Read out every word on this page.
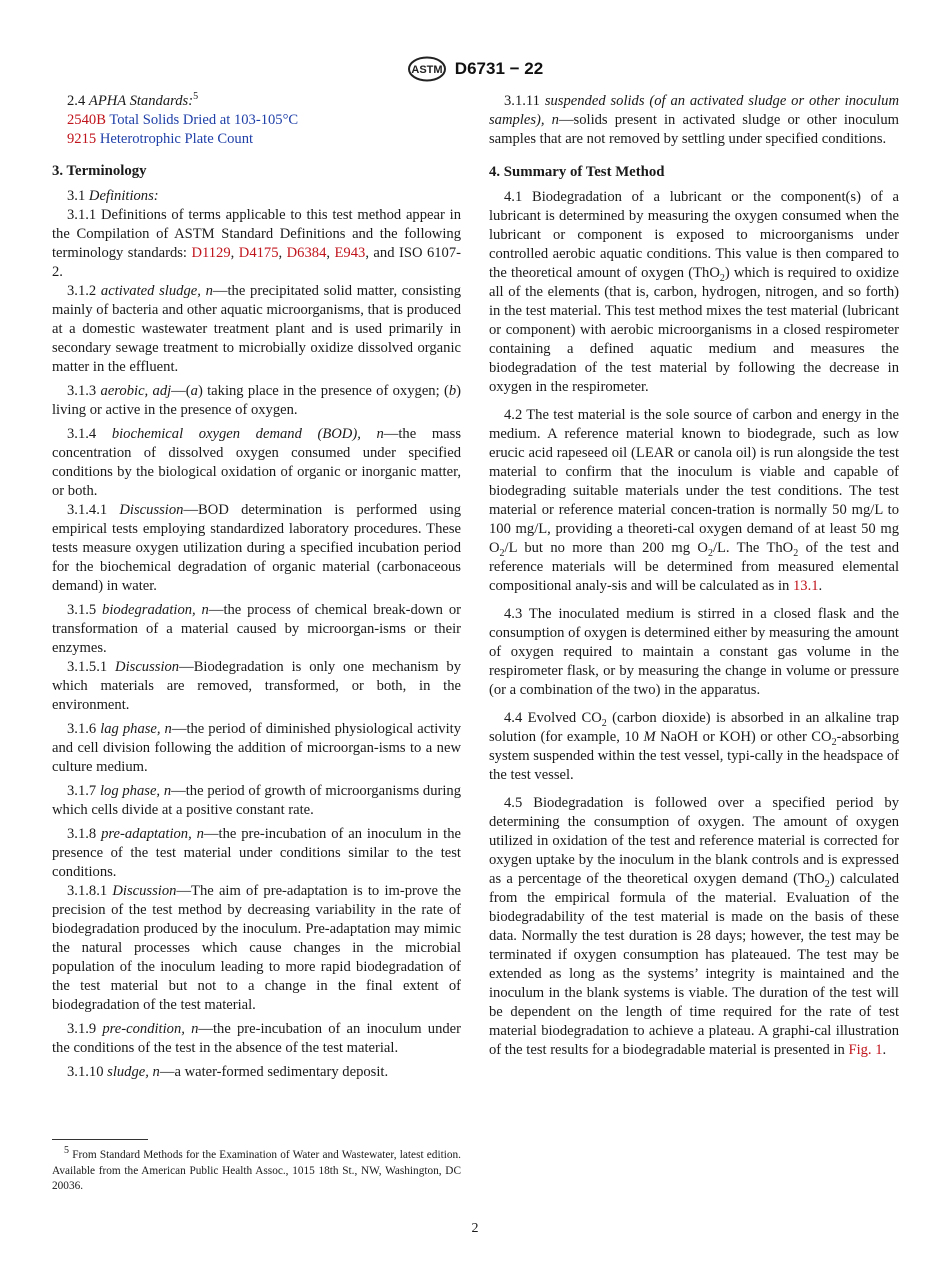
ASTM D6731 − 22

2.4 APHA Standards:$^5$

2540B Total Solids Dried at 103-105°C

9215 Heterotrophic Plate Count

3. Terminology

3.1 Definitions:

3.1.1 Definitions of terms applicable to this test method appear in the Compilation of ASTM Standard Definitions and the following terminology standards: D1129, D4175, D6384, E943, and ISO 6107-2.

3.1.2 activated sludge, n—the precipitated solid matter, consisting mainly of bacteria and other aquatic microorganisms, that is produced at a domestic wastewater treatment plant and is used primarily in secondary sewage treatment to microbially oxidize dissolved organic matter in the effluent.

3.1.3 aerobic, adj—(a) taking place in the presence of oxygen; (b) living or active in the presence of oxygen.

3.1.4 biochemical oxygen demand (BOD), n—the mass concentration of dissolved oxygen consumed under specified conditions by the biological oxidation of organic or inorganic matter, or both.

3.1.4.1 Discussion—BOD determination is performed using empirical tests employing standardized laboratory procedures. These tests measure oxygen utilization during a specified incubation period for the biochemical degradation of organic material (carbonaceous demand) in water.

3.1.5 biodegradation, n—the process of chemical break-down or transformation of a material caused by microorgan-isms or their enzymes.

3.1.5.1 Discussion—Biodegradation is only one mechanism by which materials are removed, transformed, or both, in the environment.

3.1.6 lag phase, n—the period of diminished physiological activity and cell division following the addition of microorgan-isms to a new culture medium.

3.1.7 log phase, n—the period of growth of microorganisms during which cells divide at a positive constant rate.

3.1.8 pre-adaptation, n—the pre-incubation of an inoculum in the presence of the test material under conditions similar to the test conditions.

3.1.8.1 Discussion—The aim of pre-adaptation is to im-prove the precision of the test method by decreasing variability in the rate of biodegradation produced by the inoculum. Pre-adaptation may mimic the natural processes which cause changes in the microbial population of the inoculum leading to more rapid biodegradation of the test material but not to a change in the final extent of biodegradation of the test material.

3.1.9 pre-condition, n—the pre-incubation of an inoculum under the conditions of the test in the absence of the test material.

3.1.10 sludge, n—a water-formed sedimentary deposit.

3.1.11 suspended solids (of an activated sludge or other inoculum samples), n—solids present in activated sludge or other inoculum samples that are not removed by settling under specified conditions.

4. Summary of Test Method

4.1 Biodegradation of a lubricant or the component(s) of a lubricant is determined by measuring the oxygen consumed when the lubricant or component is exposed to microorganisms under controlled aerobic aquatic conditions. This value is then compared to the theoretical amount of oxygen (ThO$_2$) which is required to oxidize all of the elements (that is, carbon, hydrogen, nitrogen, and so forth) in the test material. This test method mixes the test material (lubricant or component) with aerobic microorganisms in a closed respirometer containing a defined aquatic medium and measures the biodegradation of the test material by following the decrease in oxygen in the respirometer.

4.2 The test material is the sole source of carbon and energy in the medium. A reference material known to biodegrade, such as low erucic acid rapeseed oil (LEAR or canola oil) is run alongside the test material to confirm that the inoculum is viable and capable of biodegrading suitable materials under the test conditions. The test material or reference material concen-tration is normally 50 mg/L to 100 mg/L, providing a theoreti-cal oxygen demand of at least 50 mg $O_2/L$ but no more than 200 mg $O_2/L$. The ThO$_2$ of the test and reference materials will be determined from measured elemental compositional analy-sis and will be calculated as in 13.1.

4.3 The inoculated medium is stirred in a closed flask and the consumption of oxygen is determined either by measuring the amount of oxygen required to maintain a constant gas volume in the respirometer flask, or by measuring the change in volume or pressure (or a combination of the two) in the apparatus.

4.4 Evolved $CO_2$ (carbon dioxide) is absorbed in an alkaline trap solution (for example, 10 M NaOH or KOH) or other $CO_2$-absorbing system suspended within the test vessel, typi-cally in the headspace of the test vessel.

4.5 Biodegradation is followed over a specified period by determining the consumption of oxygen. The amount of oxygen utilized in oxidation of the test and reference material is corrected for oxygen uptake by the inoculum in the blank controls and is expressed as a percentage of the theoretical oxygen demand (ThO$_2$) calculated from the empirical formula of the material. Evaluation of the biodegradability of the test material is made on the basis of these data. Normally the test duration is 28 days; however, the test may be terminated if oxygen consumption has plateaued. The test may be extended as long as the systems’ integrity is maintained and the inoculum in the blank systems is viable. The duration of the test will be dependent on the length of time required for the rate of test material biodegradation to achieve a plateau. A graphi-cal illustration of the test results for a biodegradable material is presented in Fig. 1.

$^5$ From Standard Methods for the Examination of Water and Wastewater, latest edition. Available from the American Public Health Assoc., 1015 18th St., NW, Washington, DC 20036.

2
